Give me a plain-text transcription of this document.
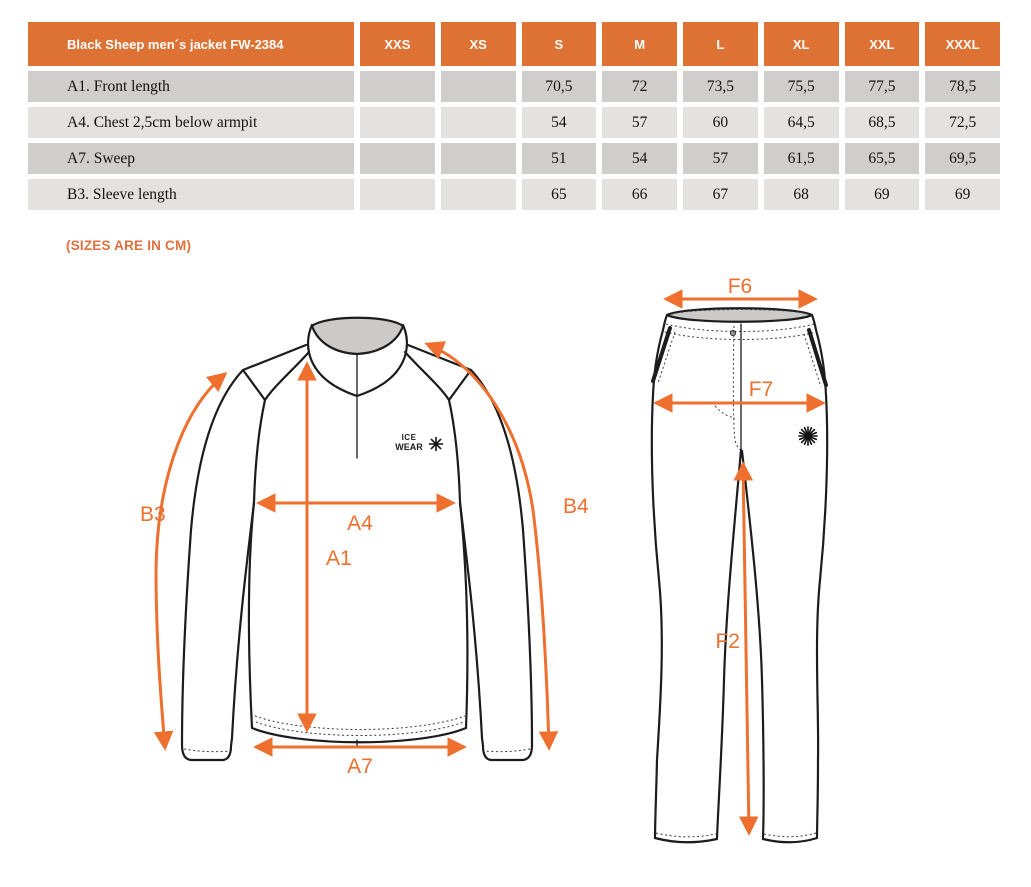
Black Sheep men´s jacket FW-2384	XXS	XS	S	M	L	XL	XXL	XXXL
A1. Front length			70,5	72	73,5	75,5	77,5	78,5
A4. Chest 2,5cm below armpit			54	57	60	64,5	68,5	72,5
A7. Sweep			51	54	57	61,5	65,5	69,5
B3. Sleeve length			65	66	67	68	69	69
(SIZES ARE IN CM)
ICE
WEAR
B3	B4
A4
A1
A7
F6
F7
F2
